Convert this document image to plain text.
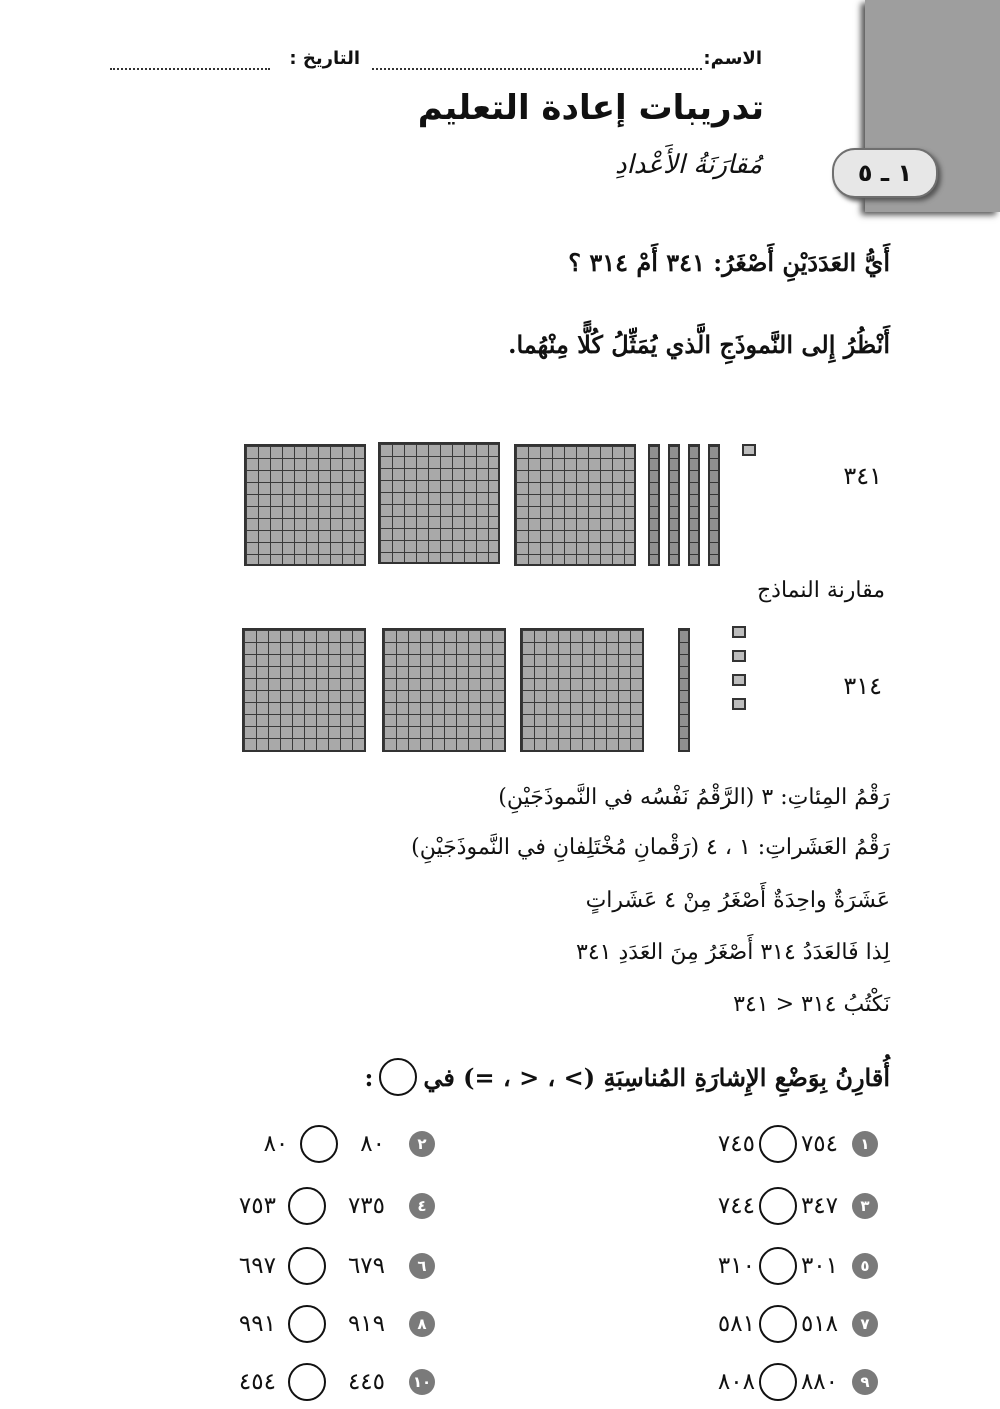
١ ـ ٥
الاسم:
التاريخ :
تدريبات إعادة التعليم
مُقارَنَةُ الأَعْدادِ
أَيُّ العَدَدَيْنِ أَصْغَرُ: ٣٤١ أَمْ ٣١٤ ؟
أَنْظُرُ إِلى النَّموذَجِ الَّذي يُمَثِّلُ كُلًّا مِنْهُما.
٣٤١
مقارنة النماذج
٣١٤
رَقْمُ المِئاتِ: ٣ (الرَّقْمُ نَفْسُه في النَّموذَجَيْنِ)
رَقْمُ العَشَراتِ: ١ ، ٤ (رَقْمانِ مُخْتَلِفانِ في النَّموذَجَيْنِ)
عَشَرَةٌ واحِدَةٌ أَصْغَرُ مِنْ ٤ عَشَراتٍ
لِذا فَالعَدَدُ ٣١٤ أَصْغَرُ مِنَ العَدَدِ ٣٤١
نَكْتُبُ ٣١٤ < ٣٤١
أُقارِنُ بِوَضْعِ الإِشارَةِ المُناسِبَةِ (> ، < ، =) في
:
٧٤٥ ٧٥٤	١
٨٠	٨٠	٢
٧٤٤ ٣٤٧	٣
٧٥٣	٧٣٥	٤
٣١٠ ٣٠١	٥
٦٩٧	٦٧٩	٦
٥٨١ ٥١٨	٧
٩٩١	٩١٩	٨
٨٠٨ ٨٨٠	٩
٤٥٤	٤٤٥ ١٠
